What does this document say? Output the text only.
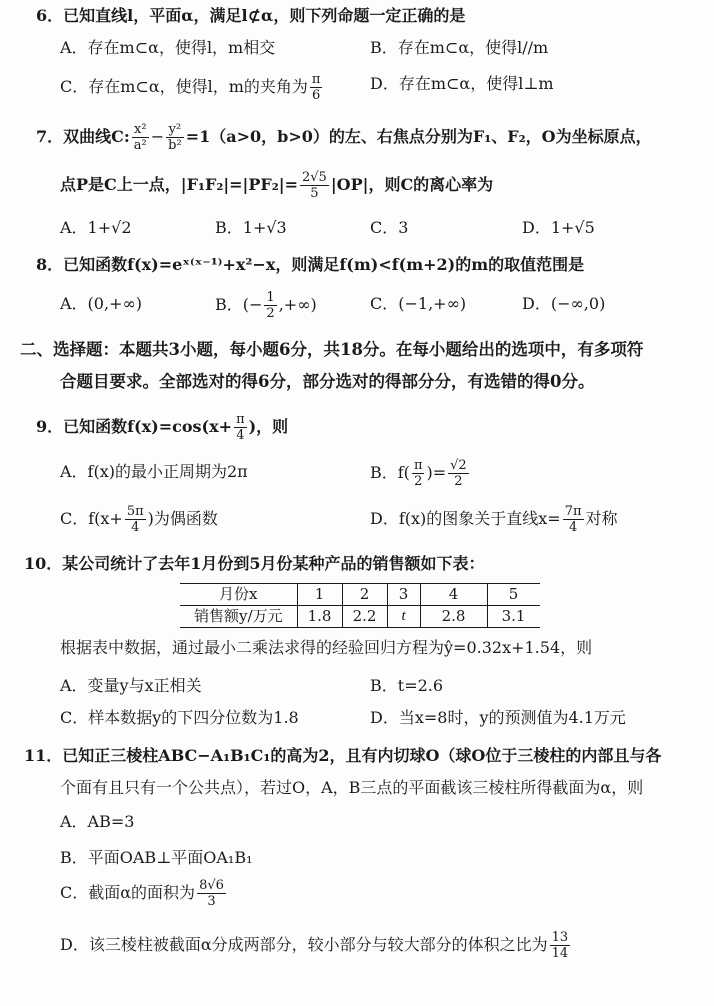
6．已知直线l，平面α，满足l⊄α，则下列命题一定正确的是
A．存在m⊂α，使得l，m相交	B．存在m⊂α，使得l//m
C．存在m⊂α，使得l，m的夹角为 $\frac{\pi}{6}$	D．存在m⊂α，使得l⊥m
7．双曲线C: $\frac{\text{x²}}{\text{a²}} - \frac{\text{y²}}{\text{b²}} =1(a>0$，b>0）的左、右焦点分别为F₁、F₂，O为坐标原点，
点P是C上一点，$|F_1F_2|=|PF_2|= \frac{2√5}{5} |OP|$，则C的离心率为
A．1+√2	B．1+√3	C．3	D．1+√5
8．已知函数f(x)=eˣ⁽ˣ⁻¹⁾+x²−x，则满足f(m)<f(m+2)的m的取值范围是
A．(0,+∞)	B．(− $\frac{1}{2}$ ,+∞)	C．(−1,+∞)	D．(−∞,0)
二、选择题：本题共3小题，每小题6分，共18分。在每小题给出的选项中，有多项符
合题目要求。全部选对的得6分，部分选对的得部分分，有选错的得0分。
9．已知函数$f(x)=\cos(x+ \frac{\pi}{4}$ )，则
A．f(x)的最小正周期为2π	B．$f( \frac{\pi}{2}$ )= $\frac{√2}{2}$
C．$f(x+ \frac{5\pi}{4}$ )为偶函数	D．f(x)的图象关于直线$x= \frac{7\pi}{4}$ 对称
10．某公司统计了去年1月份到5月份某种产品的销售额如下表：
月份x	1	2	3	4	5
销售额y/万元	1.8	2.2	t	2.8	3.1
根据表中数据，通过最小二乘法求得的经验回归方程为ŷ=0.32x+1.54，则
A．变量y与x正相关	B．t=2.6
C．样本数据y的下四分位数为1.8	D．当x=8时，y的预测值为4.1万元
11．已知正三棱柱ABC−A₁B₁C₁的高为2，且有内切球O（球O位于三棱柱的内部且与各
个面有且只有一个公共点），若过O，A，B三点的平面截该三棱柱所得截面为α，则
A．AB=3
B．平面OAB⊥平面OA₁B₁
C．截面α的面积为 $\frac{8√6}{3}$
D．该三棱柱被截面α分成两部分，较小部分与较大部分的体积之比为 $\frac{13}{14}$
